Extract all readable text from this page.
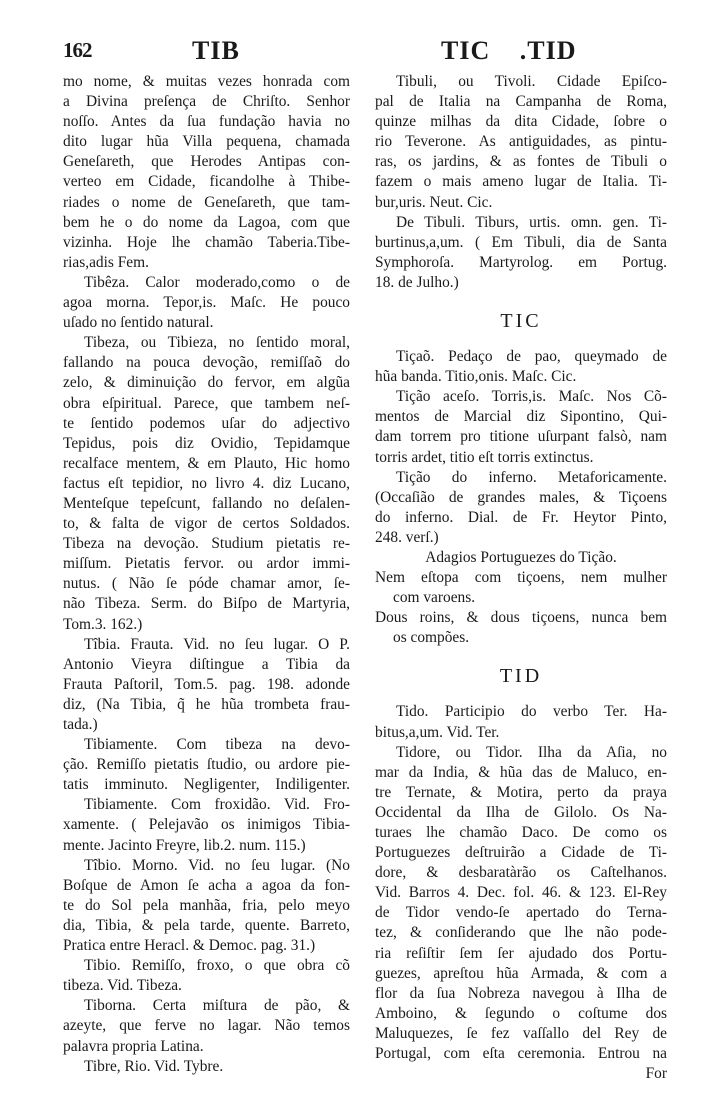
162	TIB	TIC .TID
mo nome, & muitas vezes honrada com
a Divina preſença de Chriſto. Senhor
noſſo. Antes da ſua fundação havia no
dito lugar hũa Villa pequena, chamada
Geneſareth, que Herodes Antipas con-
verteo em Cidade, ficandolhe à Thibe-
riades o nome de Geneſareth, que tam-
bem he o do nome da Lagoa, com que
vizinha. Hoje lhe chamão Taberia.Tibe-
rias,adis Fem.
Tibêza. Calor moderado,como o de
agoa morna. Tepor,is. Maſc. He pouco
uſado no ſentido natural.
Tibeza, ou Tibieza, no ſentido moral,
fallando na pouca devoção, remiſſaõ do
zelo, & diminuição do fervor, em algũa
obra eſpiritual. Parece, que tambem neſ-
te ſentido podemos uſar do adjectivo
Tepidus, pois diz Ovidio, Tepidamque
recalface mentem, & em Plauto, Hic homo
factus eſt tepidior, no livro 4. diz Lucano,
Menteſque tepeſcunt, fallando no deſalen-
to, & falta de vigor de certos Soldados.
Tibeza na devoção. Studium pietatis re-
miſſum. Pietatis fervor. ou ardor immi-
nutus. ( Não ſe póde chamar amor, ſe-
não Tibeza. Serm. do Biſpo de Martyria,
Tom.3. 162.)
Tîbia. Frauta. Vid. no ſeu lugar. O P.
Antonio Vieyra diſtingue a Tibia da
Frauta Paſtoril, Tom.5. pag. 198. adonde
diz, (Na Tibia, q̃ he hũa trombeta frau-
tada.)
Tibiamente. Com tibeza na devo-
ção. Remiſſo pietatis ſtudio, ou ardore pie-
tatis imminuto. Negligenter, Indiligenter.
Tibiamente. Com froxidão. Vid. Fro-
xamente. ( Pelejavão os inimigos Tibia-
mente. Jacinto Freyre, lib.2. num. 115.)
Tîbio. Morno. Vid. no ſeu lugar. (No
Boſque de Amon ſe acha a agoa da fon-
te do Sol pela manhãa, fria, pelo meyo
dia, Tibia, & pela tarde, quente. Barreto,
Pratica entre Heracl. & Democ. pag. 31.)
Tibio. Remiſſo, froxo, o que obra cõ
tibeza. Vid. Tibeza.
Tiborna. Certa miſtura de pão, &
azeyte, que ferve no lagar. Não temos
palavra propria Latina.
Tibre, Rio. Vid. Tybre.
Tibuli, ou Tivoli. Cidade Epiſco-
pal de Italia na Campanha de Roma,
quinze milhas da dita Cidade, ſobre o
rio Teverone. As antiguidades, as pintu-
ras, os jardins, & as fontes de Tibuli o
fazem o mais ameno lugar de Italia. Ti-
bur,uris. Neut. Cic.
De Tibuli. Tiburs, urtis. omn. gen. Ti-
burtinus,a,um. ( Em Tibuli, dia de Santa
Symphoroſa. Martyrolog. em Portug.
18. de Julho.)
TIC
Tiçaõ. Pedaço de pao, queymado de
hũa banda. Titio,onis. Maſc. Cic.
Tição aceſo. Torris,is. Maſc. Nos Cõ-
mentos de Marcial diz Sipontino, Qui-
dam torrem pro titione uſurpant falsò, nam
torris ardet, titio eſt torris extinctus.
Tição do inferno. Metaforicamente.
(Occaſião de grandes males, & Tiçoens
do inferno. Dial. de Fr. Heytor Pinto,
248. verſ.)
Adagios Portuguezes do Tição.
Nem eſtopa com tiçoens, nem mulher
com varoens.
Dous roins, & dous tiçoens, nunca bem
os compões.
TID
Tido. Participio do verbo Ter. Ha-
bitus,a,um. Vid. Ter.
Tidore, ou Tidor. Ilha da Aſia, no
mar da India, & hũa das de Maluco, en-
tre Ternate, & Motira, perto da praya
Occidental da Ilha de Gilolo. Os Na-
turaes lhe chamão Daco. De como os
Portuguezes deſtruirão a Cidade de Ti-
dore, & desbaratàrão os Caſtelhanos.
Vid. Barros 4. Dec. fol. 46. & 123. El-Rey
de Tidor vendo-ſe apertado do Terna-
tez, & conſiderando que lhe não pode-
ria reſiſtir ſem ſer ajudado dos Portu-
guezes, apreſtou hũa Armada, & com a
flor da ſua Nobreza navegou à Ilha de
Amboino, & ſegundo o coſtume dos
Maluquezes, ſe fez vaſſallo del Rey de
Portugal, com eſta ceremonia. Entrou na
For
